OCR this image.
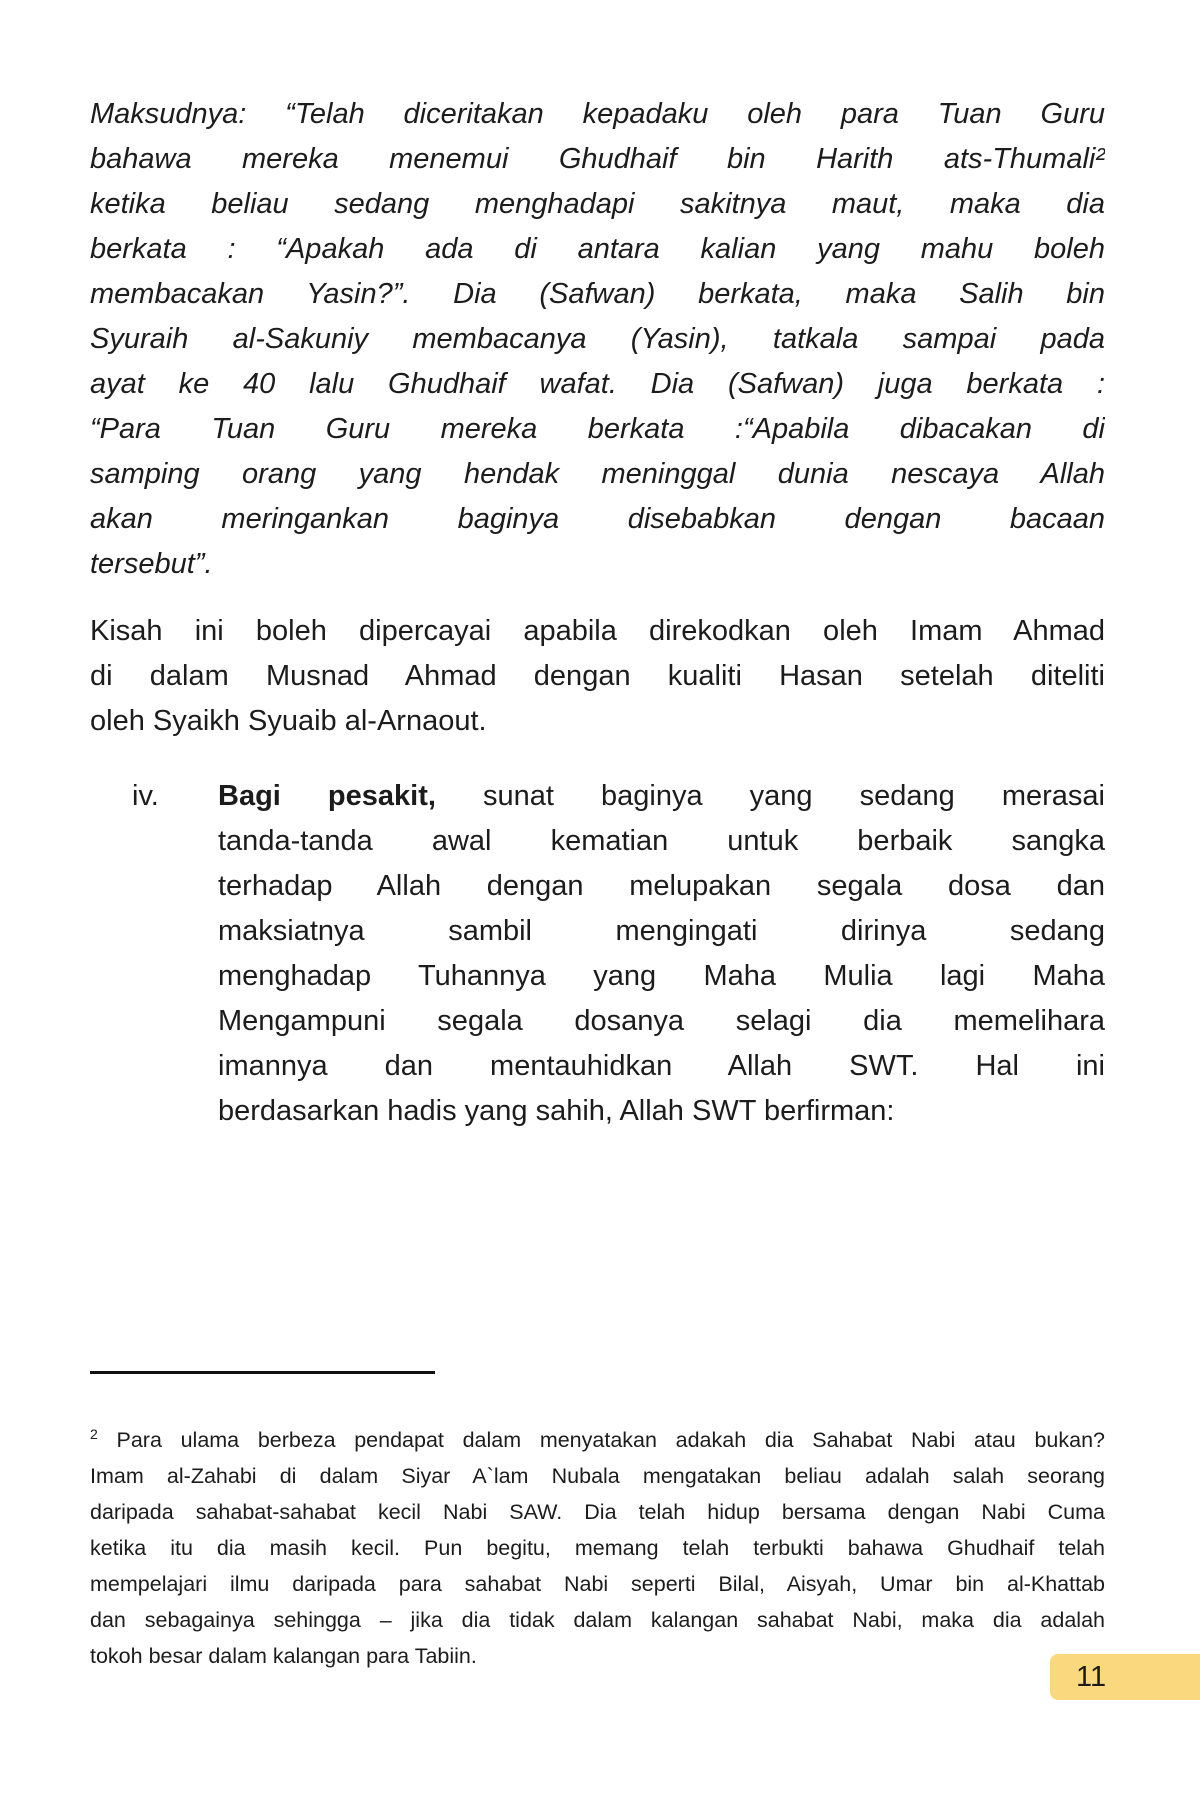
Maksudnya: “Telah diceritakan kepadaku oleh para Tuan Guru
bahawa mereka menemui Ghudhaif bin Harith ats-Thumali²
ketika beliau sedang menghadapi sakitnya maut, maka dia
berkata : “Apakah ada di antara kalian yang mahu boleh
membacakan Yasin?”. Dia (Safwan) berkata, maka Salih bin
Syuraih al-Sakuniy membacanya (Yasin), tatkala sampai pada
ayat ke 40 lalu Ghudhaif wafat. Dia (Safwan) juga berkata :
“Para Tuan Guru mereka berkata :“Apabila dibacakan di
samping orang yang hendak meninggal dunia nescaya Allah
akan meringankan baginya disebabkan dengan bacaan
tersebut”.
Kisah ini boleh dipercayai apabila direkodkan oleh Imam Ahmad
di dalam Musnad Ahmad dengan kualiti Hasan setelah diteliti
oleh Syaikh Syuaib al-Arnaout.
iv.	Bagi pesakit, sunat baginya yang sedang merasai
tanda-tanda awal kematian untuk berbaik sangka
terhadap Allah dengan melupakan segala dosa dan
maksiatnya sambil mengingati dirinya sedang
menghadap Tuhannya yang Maha Mulia lagi Maha
Mengampuni segala dosanya selagi dia memelihara
imannya dan mentauhidkan Allah SWT. Hal ini
berdasarkan hadis yang sahih, Allah SWT berfirman:
$^2$ Para ulama berbeza pendapat dalam menyatakan adakah dia Sahabat Nabi atau bukan?
Imam al-Zahabi di dalam Siyar A`lam Nubala mengatakan beliau adalah salah seorang
daripada sahabat-sahabat kecil Nabi SAW. Dia telah hidup bersama dengan Nabi Cuma
ketika itu dia masih kecil. Pun begitu, memang telah terbukti bahawa Ghudhaif telah
mempelajari ilmu daripada para sahabat Nabi seperti Bilal, Aisyah, Umar bin al-Khattab
dan sebagainya sehingga – jika dia tidak dalam kalangan sahabat Nabi, maka dia adalah
tokoh besar dalam kalangan para Tabiin.
11
